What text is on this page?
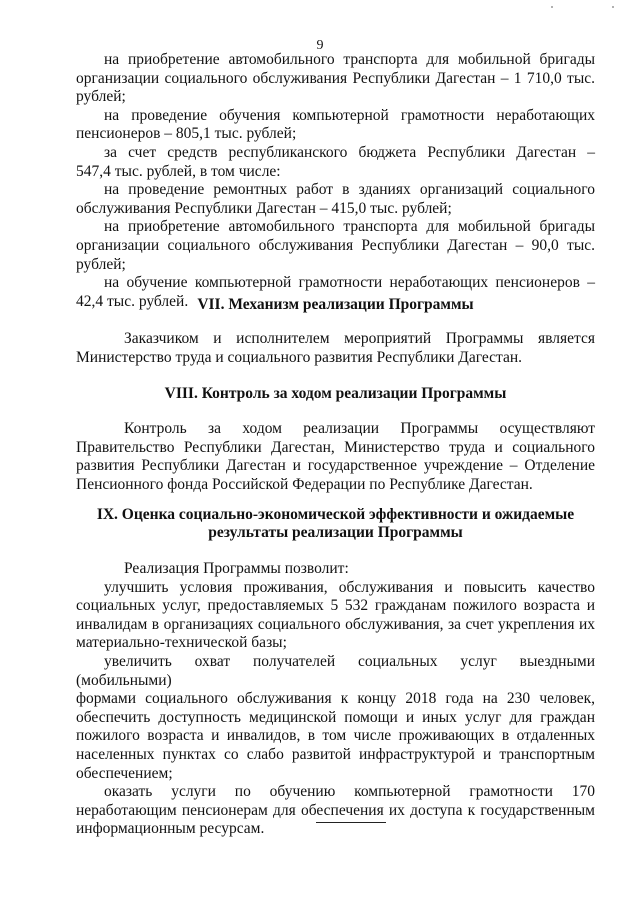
9

на приобретение автомобильного транспорта для мобильной бригады

организации социального обслуживания Республики Дагестан – 1 710,0 тыс.

рублей;

на проведение обучения компьютерной грамотности неработающих

пенсионеров – 805,1 тыс. рублей;

за счет средств республиканского бюджета Республики Дагестан –

547,4 тыс. рублей, в том числе:

на проведение ремонтных работ в зданиях организаций социального

обслуживания Республики Дагестан – 415,0 тыс. рублей;

на приобретение автомобильного транспорта для мобильной бригады

организации социального обслуживания Республики Дагестан – 90,0 тыс.

рублей;

на обучение компьютерной грамотности неработающих пенсионеров –

42,4 тыс. рублей. VII. Механизм реализации Программы

Заказчиком и исполнителем мероприятий Программы является

Министерство труда и социального развития Республики Дагестан.

VIII. Контроль за ходом реализации Программы

Контроль за ходом реализации Программы осуществляют

Правительство Республики Дагестан, Министерство труда и социального

развития Республики Дагестан и государственное учреждение – Отделение

Пенсионного фонда Российской Федерации по Республике Дагестан.

IX. Оценка социально-экономической эффективности и ожидаемые
результаты реализации Программы

Реализация Программы позволит:

улучшить условия проживания, обслуживания и повысить качество

социальных услуг, предоставляемых 5 532 гражданам пожилого возраста и

инвалидам в организациях социального обслуживания, за счет укрепления их

материально-технической базы;

увеличить охват получателей социальных услуг выездными (мобильными)

формами социального обслуживания к концу 2018 года на 230 человек,

обеспечить доступность медицинской помощи и иных услуг для граждан

пожилого возраста и инвалидов, в том числе проживающих в отдаленных

населенных пунктах со слабо развитой инфраструктурой и транспортным

обеспечением;

оказать услуги по обучению компьютерной грамотности 170

неработающим пенсионерам для обеспечения их доступа к государственным

информационным ресурсам.
